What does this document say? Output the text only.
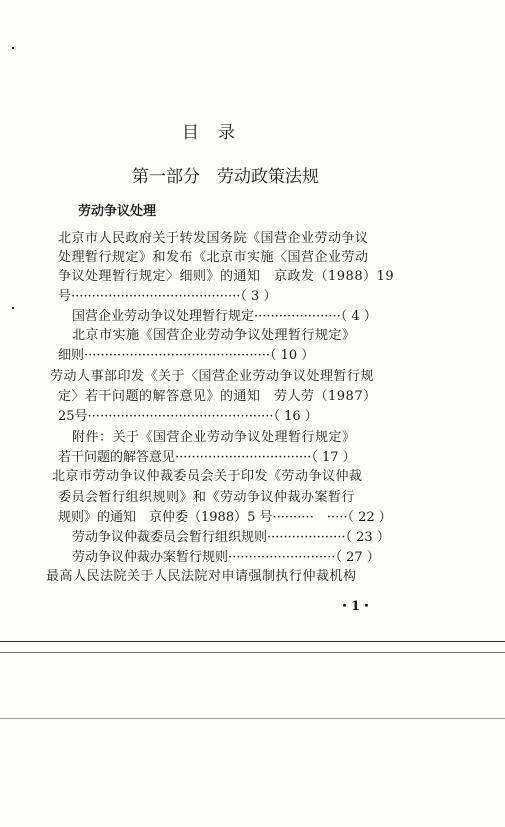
目　录
第一部分　劳动政策法规
劳动争议处理
北京市人民政府关于转发国务院《国营企业劳动争议
处理暂行规定》和发布《北京市实施〈国营企业劳动
争议处理暂行规定〉细则》的通知　京政发（1988）19
号·········································（ 3 ）
国营企业劳动争议处理暂行规定·····················（ 4 ）
北京市实施《国营企业劳动争议处理暂行规定》
细则·············································（ 10 ）
劳动人事部印发《关于〈国营企业劳动争议处理暂行规
定〉若干问题的解答意见》的通知　劳人劳（1987）
25号·············································（ 16 ）
附件：关于《国营企业劳动争议处理暂行规定》
若干问题的解答意见·································（ 17 ）
北京市劳动争议仲裁委员会关于印发《劳动争议仲裁
委员会暂行组织规则》和《劳动争议仲裁办案暂行
规则》的通知　京仲委（1988）5 号··········　·····（ 22 ）
劳动争议仲裁委员会暂行组织规则···················（ 23 ）
劳动争议仲裁办案暂行规则··························（ 27 ）
最高人民法院关于人民法院对申请强制执行仲裁机构
・1・
